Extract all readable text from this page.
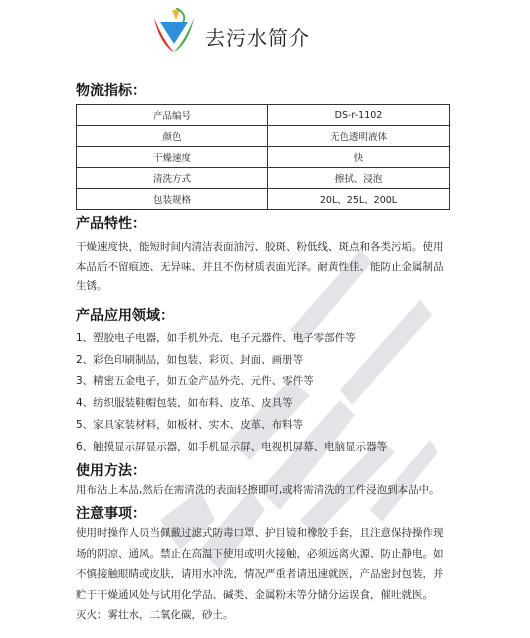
去污水简介
物流指标：
产品编号	DS-r-1102
颜色	无色透明液体
干燥速度	快
清洗方式	擦拭、浸泡
包装规格	20L、25L、200L
产品特性：
干燥速度快，能短时间内清洁表面油污、胶斑、粉低线、斑点和各类污垢。使用
本品后不留痕迹、无异味、并且不伤材质表面光泽。耐黄性佳、能防止金属制品
生锈。
产品应用领域：
1、塑胶电子电器，如手机外壳、电子元器件、电子零部件等
2、彩色印刷制品，如包装、彩页、封面、画册等
3、精密五金电子，如五金产品外壳、元件、零件等
4、纺织服装鞋帽包装，如布料、皮革、皮具等
5、家具家装材料，如板材、实木、皮革、布料等
6、触摸显示屏显示器，如手机显示屏、电视机屏幕、电脑显示器等
使用方法：
用布沾上本品,然后在需清洗的表面轻擦即可,或将需清洗的工件浸泡到本品中。
注意事项：
使用时操作人员当佩戴过滤式防毒口罩、护目镜和橡胶手套，且注意保持操作现
场的阴凉、通风。禁止在高温下使用或明火接触，必须远离火源、防止静电。如
不慎接触眼睛或皮肤，请用水冲洗，情况严重者请迅速就医，产品密封包装，并
贮于干燥通风处与试用化学品、碱类、金属粉末等分储分运误食，催吐就医。
灭火：雾壮水，二氧化碳，砂土。
